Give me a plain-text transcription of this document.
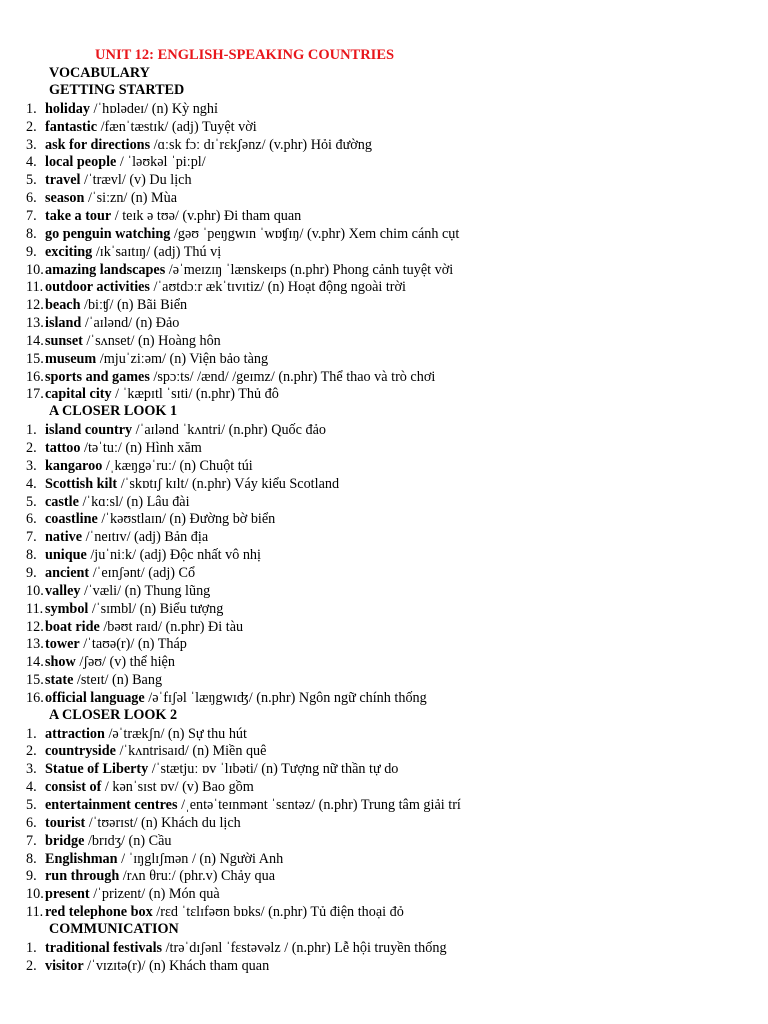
UNIT 12: ENGLISH-SPEAKING COUNTRIES
VOCABULARY
GETTING STARTED
1. holiday /ˈhɒlədeɪ/ (n) Kỳ nghỉ
2. fantastic /fænˈtæstɪk/ (adj) Tuyệt vời
3. ask for directions /ɑːsk fɔː dɪˈrɛkʃənz/ (v.phr) Hỏi đường
4. local people / ˈləʊkəl ˈpiːpl/
5. travel /ˈtrævl/ (v) Du lịch
6. season /ˈsiːzn/ (n) Mùa
7. take a tour / teɪk ə tʊə/ (v.phr) Đi tham quan
8. go penguin watching /gəʊ ˈpeŋgwɪn ˈwɒʧɪŋ/ (v.phr) Xem chim cánh cụt
9. exciting /ɪkˈsaɪtɪŋ/ (adj) Thú vị
10.amazing landscapes /əˈmeɪzɪŋ ˈlænskeɪps (n.phr) Phong cảnh tuyệt vời
11. outdoor activities /ˈaʊtdɔːr ækˈtɪvɪtiz/ (n) Hoạt động ngoài trời
12.beach /biːʧ/ (n) Bãi Biển
13.island /ˈaɪlənd/ (n) Đảo
14.sunset /ˈsʌnset/ (n) Hoàng hôn
15.museum /mjuˈziːəm/ (n) Viện bảo tàng
16.sports and games /spɔːts/ /ænd/ /geɪmz/ (n.phr) Thể thao và trò chơi
17.capital city / ˈkæpɪtl ˈsɪti/ (n.phr) Thủ đô
A CLOSER LOOK 1
1. island country /ˈaɪlənd ˈkʌntri/ (n.phr) Quốc đảo
2. tattoo /təˈtuː/ (n) Hình xăm
3. kangaroo /ˌkæŋgəˈruː/ (n) Chuột túi
4. Scottish kilt /ˈskɒtɪʃ kɪlt/ (n.phr) Váy kiểu Scotland
5. castle /ˈkɑːsl/ (n) Lâu đài
6. coastline /ˈkəʊstlaɪn/ (n) Đường bờ biển
7. native /ˈneɪtɪv/ (adj) Bản địa
8. unique /juˈniːk/ (adj) Độc nhất vô nhị
9. ancient /ˈeɪnʃənt/ (adj) Cổ
10.valley /ˈvæli/ (n) Thung lũng
11. symbol /ˈsɪmbl/ (n) Biểu tượng
12.boat ride /bəʊt raɪd/ (n.phr) Đi tàu
13.tower /ˈtaʊə(r)/ (n) Tháp
14.show /ʃəʊ/ (v) thể hiện
15.state /steɪt/ (n) Bang
16.official language /əˈfɪʃəl ˈlæŋgwɪʤ/ (n.phr) Ngôn ngữ chính thống
A CLOSER LOOK 2
1. attraction /əˈtrækʃn/ (n) Sự thu hút
2. countryside /ˈkʌntrisaɪd/ (n) Miền quê
3. Statue of Liberty /ˈstætjuː ɒv ˈlɪbəti/ (n) Tượng nữ thần tự do
4. consist of / kənˈsɪst ɒv/ (v) Bao gồm
5. entertainment centres /ˌentəˈteɪnmənt ˈsɛntəz/ (n.phr) Trung tâm giải trí
6. tourist /ˈtʊərɪst/ (n) Khách du lịch
7. bridge /brɪdʒ/ (n) Cầu
8. Englishman / ˈɪŋglɪʃmən / (n) Người Anh
9. run through /rʌn θruː/ (phr.v) Chảy qua
10.present /ˈprizent/ (n) Món quà
11. red telephone box /rɛd ˈtɛlɪfəʊn bɒks/ (n.phr) Tủ điện thoại đỏ
COMMUNICATION
1. traditional festivals /trəˈdɪʃənl ˈfɛstəvəlz / (n.phr) Lễ hội truyền thống
2. visitor /ˈvɪzɪtə(r)/ (n) Khách tham quan
